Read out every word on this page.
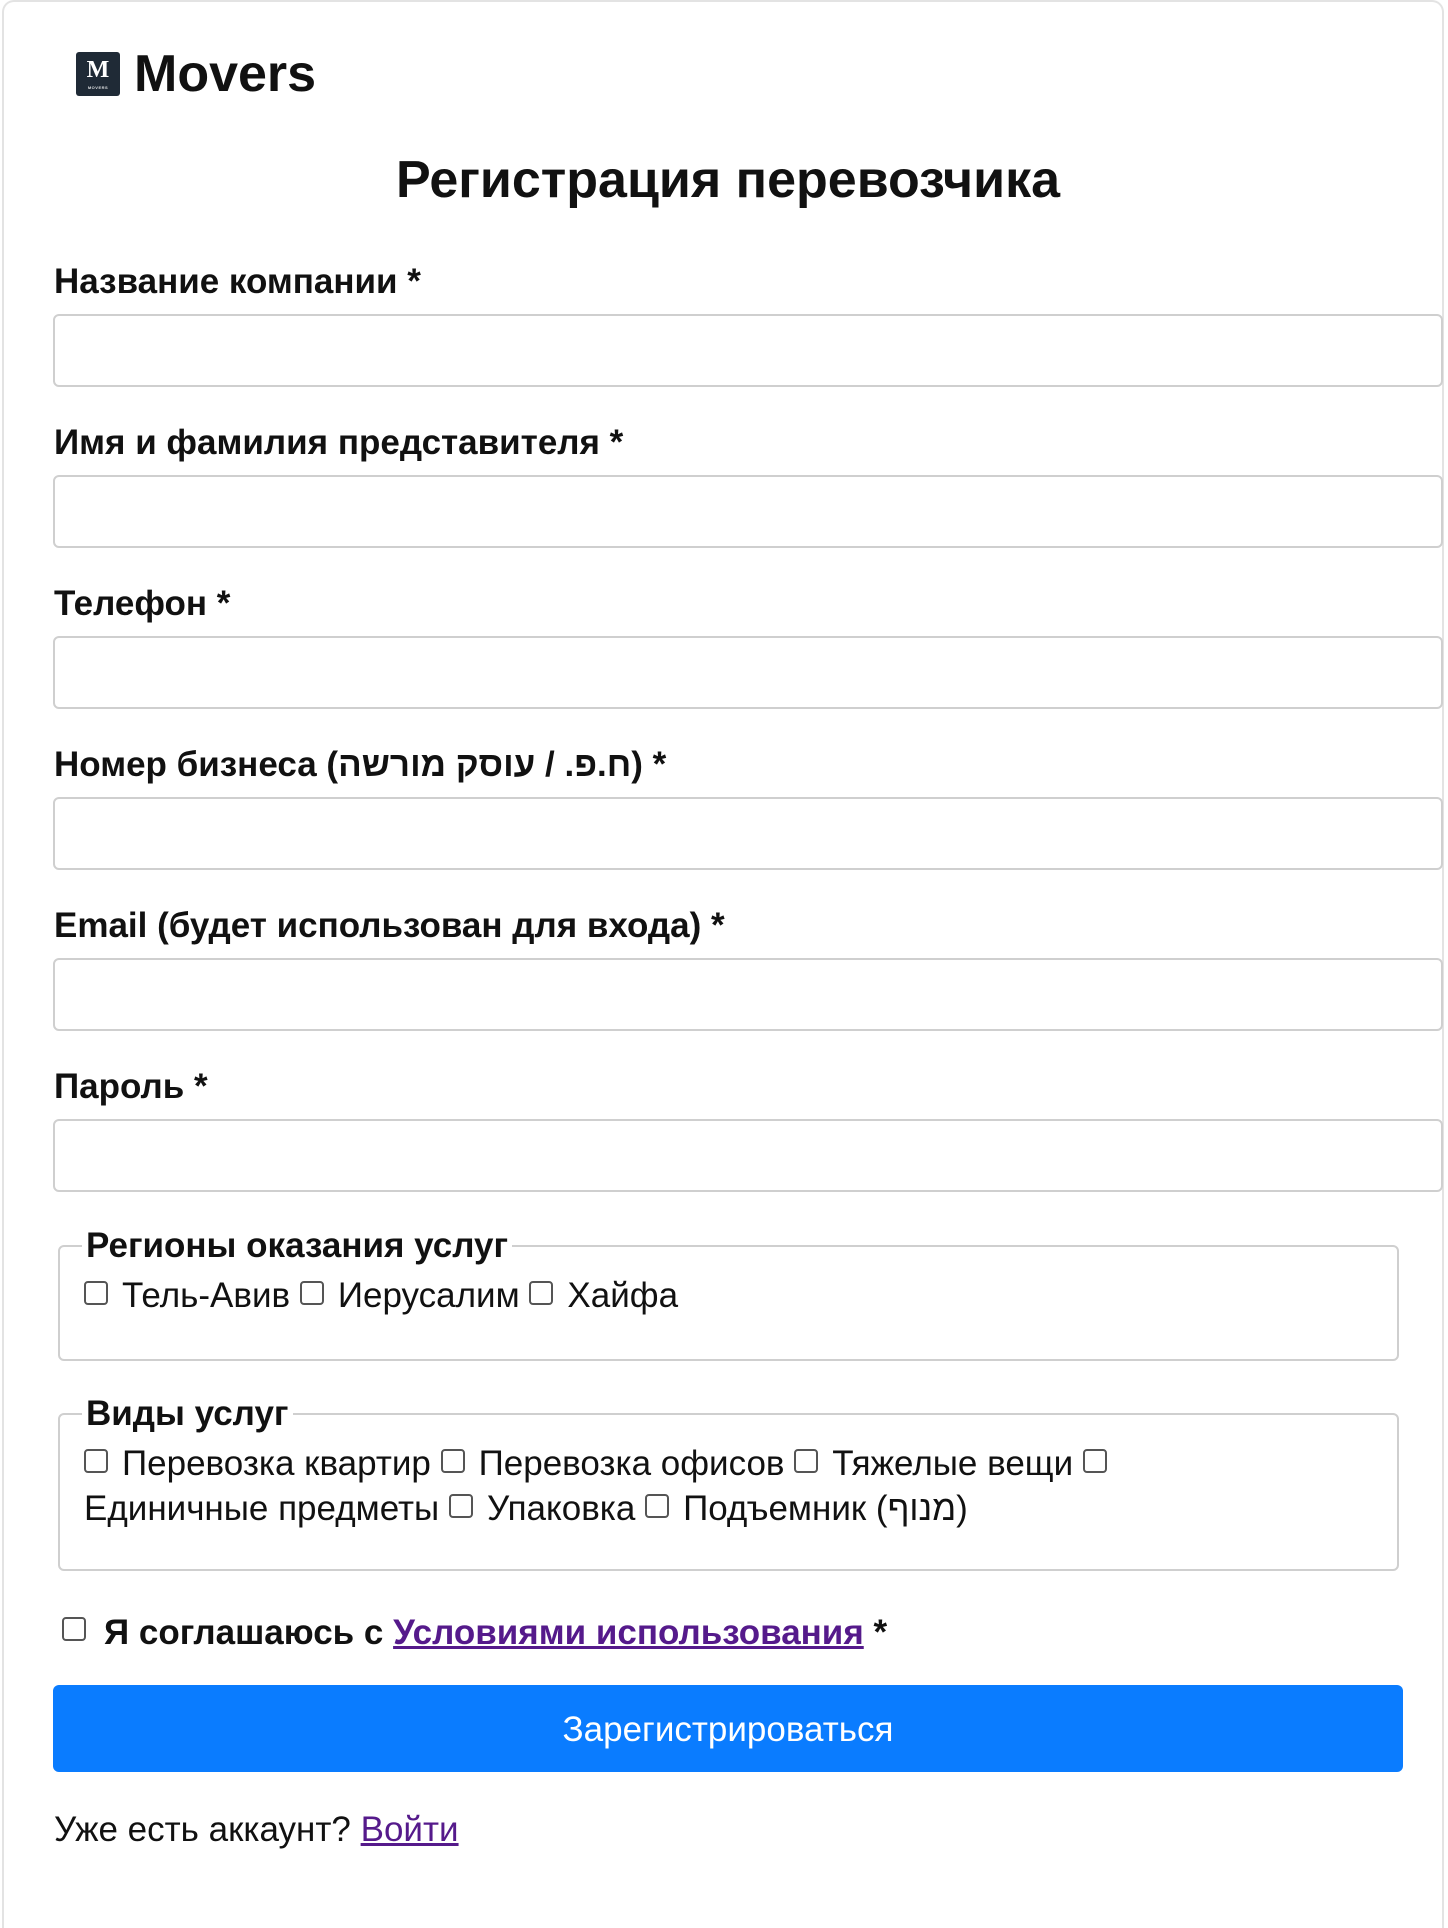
M
MOVERS Movers
Регистрация перевозчика
Название компании *
Имя и фамилия представителя *
Телефон *
Номер бизнеса (ח.פ. / עוסק מורשה) *
Email (будет использован для входа) *
Пароль *
Регионы оказания услуг
Тель-Авив Иерусалим Хайфа
Виды услуг
Перевозка квартир Перевозка офисов Тяжелые вещи  Единичные предметы Упаковка Подъемник (מנוף)
Я соглашаюсь с Условиями использования *
Зарегистрироваться
Уже есть аккаунт? Войти
